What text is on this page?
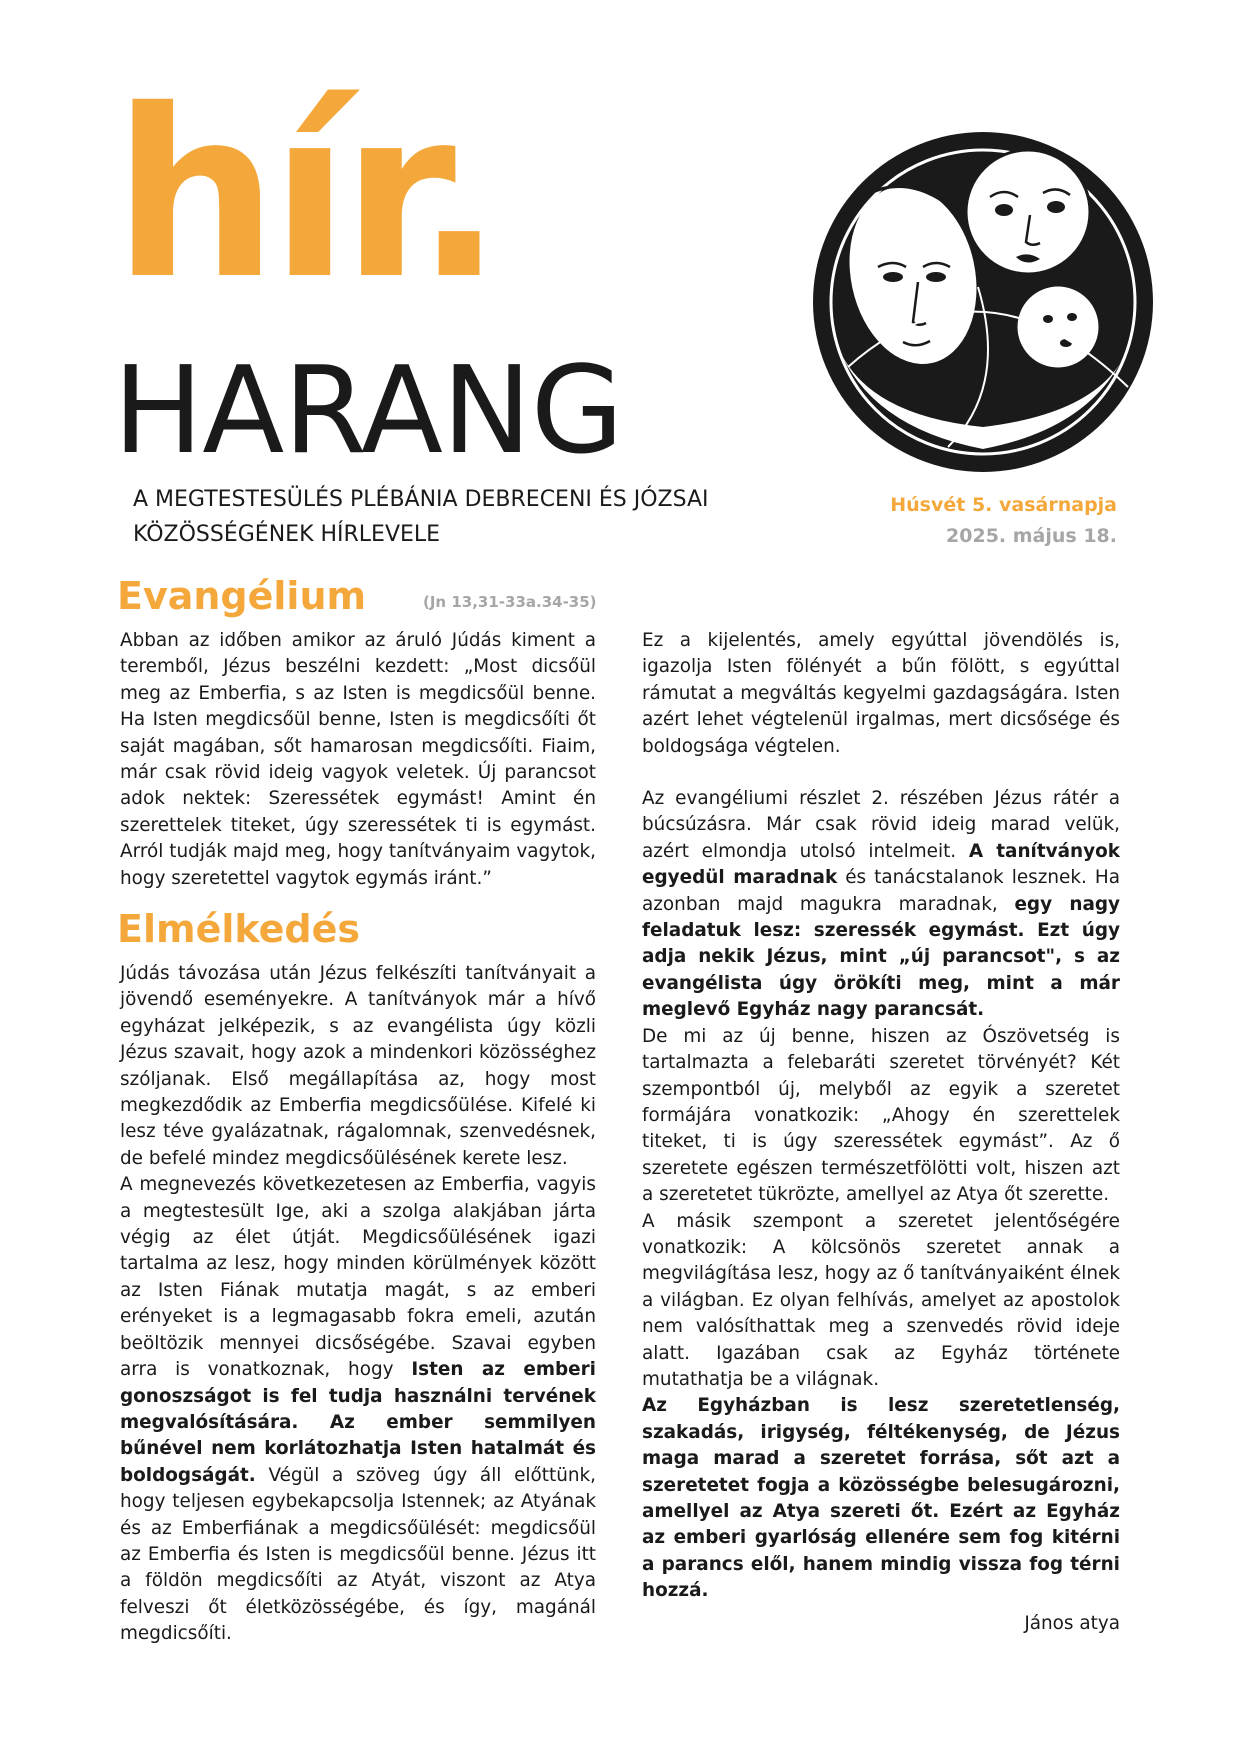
hír.
HARANG
A MEGTESTESÜLÉS PLÉBÁNIA DEBRECENI ÉS JÓZSAI
KÖZÖSSÉGÉNEK HÍRLEVELE
Húsvét 5. vasárnapja
2025. május 18.
Evangélium	(Jn 13,31-33a.34-35)
Elmélkedés

Abban az időben amikor az áruló Júdás kiment a teremből, Jézus beszélni kezdett: „Most dicsőül meg az Emberfia, s az Isten is megdicsőül benne. Ha Isten megdicsőül benne, Isten is megdicsőíti őt saját magában, sőt hamarosan megdicsőíti. Fiaim, már csak rövid ideig vagyok veletek. Új parancsot adok nektek: Szeressétek egymást! Amint én szerettelek titeket, úgy szeressétek ti is egymást. Arról tudják majd meg, hogy tanítványaim vagytok, hogy szeretettel vagytok egymás iránt.”

Júdás távozása után Jézus felkészíti tanítványait a jövendő eseményekre. A tanítványok már a hívő egyházat jelképezik, s az evangélista úgy közli Jézus szavait, hogy azok a mindenkori közösséghez szóljanak. Első megállapítása az, hogy most megkezdődik az Emberfia megdicsőülése. Kifelé ki lesz téve gyalázatnak, rágalomnak, szenvedésnek, de befelé mindez megdicsőülésének kerete lesz.

A megnevezés következetesen az Emberfia, vagyis a megtestesült Ige, aki a szolga alakjában járta végig az élet útját. Megdicsőülésének igazi tartalma az lesz, hogy minden körülmények között az Isten Fiának mutatja magát, s az emberi erényeket is a legmagasabb fokra emeli, azután beöltözik mennyei dicsőségébe. Szavai egyben arra is vonatkoznak, hogy Isten az emberi gonoszságot is fel tudja használni tervének megvalósítására. Az ember semmilyen bűnével nem korlátozhatja Isten hatalmát és boldogságát. Végül a szöveg úgy áll előttünk, hogy teljesen egybekapcsolja Istennek; az Atyának és az Emberfiának a megdicsőülését: megdicsőül az Emberfia és Isten is megdicsőül benne. Jézus itt a földön megdicsőíti az Atyát, viszont az Atya felveszi őt életközösségébe, és így, magánál megdicsőíti.

Ez a kijelentés, amely egyúttal jövendölés is, igazolja Isten fölényét a bűn fölött, s egyúttal rámutat a megváltás kegyelmi gazdagságára. Isten azért lehet végtelenül irgalmas, mert dicsősége és boldogsága végtelen.

Az evangéliumi részlet 2. részében Jézus rátér a búcsúzásra. Már csak rövid ideig marad velük, azért elmondja utolsó intelmeit. A tanítványok egyedül maradnak és tanácstalanok lesznek. Ha azonban majd magukra maradnak, egy nagy feladatuk lesz: szeressék egymást. Ezt úgy adja nekik Jézus, mint „új parancsot", s az evangélista úgy örökíti meg, mint a már meglevő Egyház nagy parancsát.

De mi az új benne, hiszen az Ószövetség is tartalmazta a felebaráti szeretet törvényét? Két szempontból új, melyből az egyik a szeretet formájára vonatkozik: „Ahogy én szerettelek titeket, ti is úgy szeressétek egymást”. Az ő szeretete egészen természetfölötti volt, hiszen azt a szeretetet tükrözte, amellyel az Atya őt szerette.

A másik szempont a szeretet jelentőségére vonatkozik: A kölcsönös szeretet annak a megvilágítása lesz, hogy az ő tanítványaiként élnek a világban. Ez olyan felhívás, amelyet az apostolok nem valósíthattak meg a szenvedés rövid ideje alatt. Igazában csak az Egyház története mutathatja be a világnak.

Az Egyházban is lesz szeretetlenség, szakadás, irigység, féltékenység, de Jézus maga marad a szeretet forrása, sőt azt a szeretetet fogja a közösségbe belesugározni, amellyel az Atya szereti őt. Ezért az Egyház az emberi gyarlóság ellenére sem fog kitérni a parancs elől, hanem mindig vissza fog térni hozzá.

János atya
